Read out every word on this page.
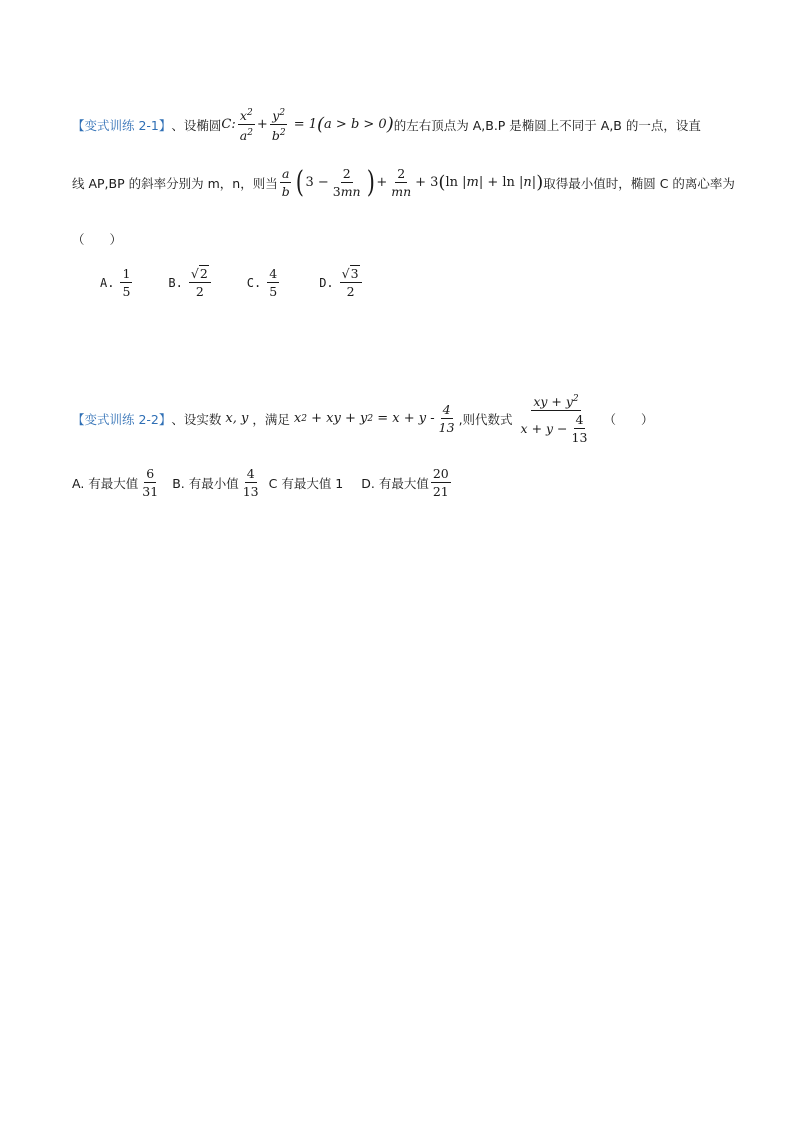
【变式训练 2-1】 、设椭圆 C: $\frac{x^2}{a^2} + \frac{y^2}{b^2} = 1$ ( a > b > 0 ) 的左右顶点为 A,B.P 是椭圆上不同于 A,B 的一点，设直
线 AP,BP 的斜率分别为 m，n，则当 $\frac{a}{b}$ ( $3 - \frac{2}{3mn}$ ) + $\frac{2}{mn} + 3$ ( ln |m| + ln |n| ) 取得最小值时，椭圆 C 的离心率为
（　　）
A. $\frac{1}{5}$	B. $\frac{√2}{2}$	C. $\frac{4}{5}$	D. $\frac{√3}{2}$
【变式训练 2-2】 、设实数 x, y ，满足 x 2 + xy + y $2 = x + y - \frac{4}{13}$ ,则代数式 $\frac{xy + y^2}{x + y - \frac{4}{13}}$ （　　）
A. 有最大值 $\frac{6}{31} B$. 有最小值 $\frac{4}{13}$ C 有最大值 1 D. 有最大值 $\frac{20}{21}$
